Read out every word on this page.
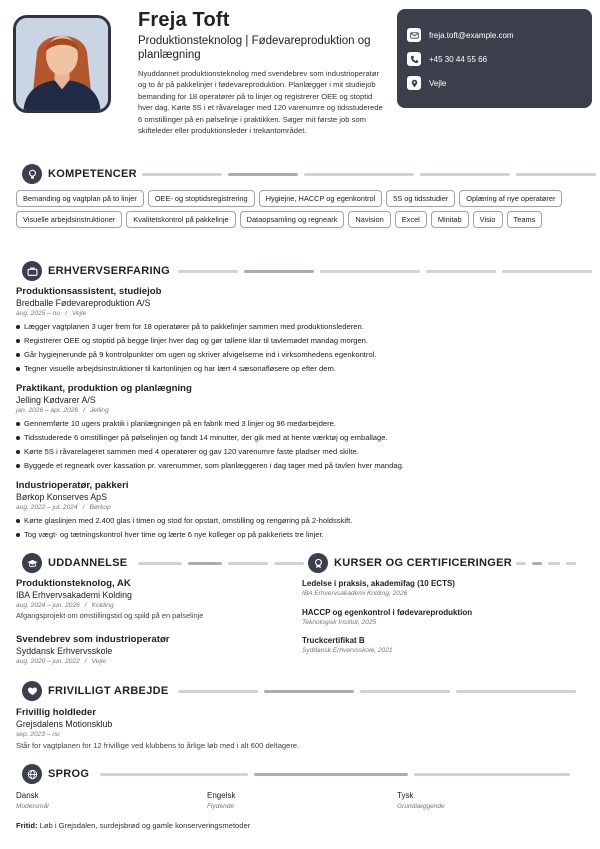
Freja Toft
Produktionsteknolog | Fødevareproduktion og planlægning
Nyuddannet produktionsteknolog med svendebrev som industrioperatør og to år på pakkelinjer i fødevareproduktion. Planlægger i mit studiejob bemanding for 18 operatører på to linjer og registrerer OEE og stoptid hver dag. Kørte 5S i et råvarelager med 120 varenumre og tidsstuderede 6 omstillinger på en pølselinje i praktikken. Søger mit første job som skifteleder eller produktionsleder i trekantområdet.
freja.toft@example.com
+45 30 44 55 66
Vejle
KOMPETENCER
Bemanding og vagtplan på to linjer	OEE- og stoptidsregistrering	Hygiejne, HACCP og egenkontrol	5S og tidsstudier	Oplæring af nye operatører
Visuelle arbejdsinstruktioner	Kvalitetskontrol på pakkelinje	Dataopsamling og regneark	Navision	Excel	Minitab	Visio	Teams
ERHVERVSERFARING
Produktionsassistent, studiejob
Bredballe Fødevareproduktion A/S
aug. 2025 – nu / Vejle
Lægger vagtplanen 3 uger frem for 18 operatører på to pakkelinjer sammen med produktionslederen.
Registrerer OEE og stoptid på begge linjer hver dag og gør tallene klar til tavlemødet mandag morgen.
Går hygiejnerunde på 9 kontrolpunkter om ugen og skriver afvigelserne ind i virksomhedens egenkontrol.
Tegner visuelle arbejdsinstruktioner til kartonlinjen og har lært 4 sæsonafløsere op efter dem.
Praktikant, produktion og planlægning
Jelling Kødvarer A/S
jan. 2026 – apr. 2026 / Jelling
Gennemførte 10 ugers praktik i planlægningen på en fabrik med 3 linjer og 96 medarbejdere.
Tidsstuderede 6 omstillinger på pølselinjen og fandt 14 minutter, der gik med at hente værktøj og emballage.
Kørte 5S i råvarelageret sammen med 4 operatører og gav 120 varenumre faste pladser med skilte.
Byggede et regneark over kassation pr. varenummer, som planlæggeren i dag tager med på tavlen hver mandag.
Industrioperatør, pakkeri
Børkop Konserves ApS
aug. 2022 – jul. 2024 / Børkop
Kørte glaslinjen med 2.400 glas i timen og stod for opstart, omstilling og rengøring på 2-holdsskift.
Tog vægt- og tætningskontrol hver time og lærte 6 nye kolleger op på pakkeriets tre linjer.
UDDANNELSE
Produktionsteknolog, AK
IBA Erhvervsakademi Kolding
aug. 2024 – jun. 2026 / Kolding
Afgangsprojekt om omstillingstid og spild på en pølselinje
Svendebrev som industrioperatør
Syddansk Erhvervsskole
aug. 2020 – jun. 2022 / Vejle
KURSER OG CERTIFICERINGER
Ledelse i praksis, akademifag (10 ECTS)
IBA Erhvervsakademi Kolding, 2026
HACCP og egenkontrol i fødevareproduktion
Teknologisk Institut, 2025
Truckcertifikat B
Syddansk Erhvervsskole, 2021
FRIVILLIGT ARBEJDE
Frivillig holdleder
Grejsdalens Motionsklub
sep. 2023 – nu
Står for vagtplanen for 12 frivillige ved klubbens to årlige løb med i alt 600 deltagere.
SPROG
Dansk
Modersmål
Engelsk
Flydende
Tysk
Grundlæggende
Fritid: Løb i Grejsdalen, surdejsbrød og gamle konserveringsmetoder
